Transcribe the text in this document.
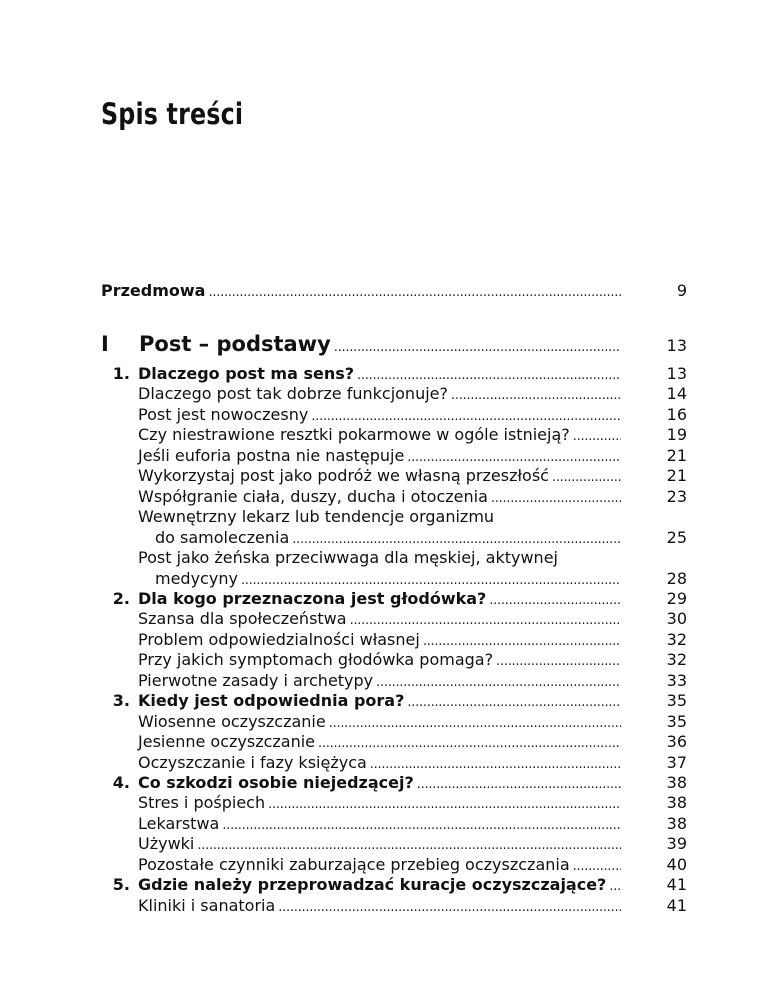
Spis treści
Przedmowa . . .	9
I Post – podstawy . . .	13
1. Dlaczego post ma sens? . . .	13
Dlaczego post tak dobrze funkcjonuje? . . .	14
Post jest nowoczesny . . .	16
Czy niestrawione resztki pokarmowe w ogóle istnieją? . . .	19
Jeśli euforia postna nie następuje . . .	21
Wykorzystaj post jako podróż we własną przeszłość . . .	21
Współgranie ciała, duszy, ducha i otoczenia . . .	23
Wewnętrzny lekarz lub tendencje organizmu
do samoleczenia . . .	25
Post jako żeńska przeciwwaga dla męskiej, aktywnej
medycyny . . .	28
2. Dla kogo przeznaczona jest głodówka? . . .	29
Szansa dla społeczeństwa . . .	30
Problem odpowiedzialności własnej . . .	32
Przy jakich symptomach głodówka pomaga? . . .	32
Pierwotne zasady i archetypy . . .	33
3. Kiedy jest odpowiednia pora? . . .	35
Wiosenne oczyszczanie . . .	35
Jesienne oczyszczanie . . .	36
Oczyszczanie i fazy księżyca . . .	37
4. Co szkodzi osobie niejedzącej? . . .	38
Stres i pośpiech . . .	38
Lekarstwa . . .	38
Używki . . .	39
Pozostałe czynniki zaburzające przebieg oczyszczania . . .	40
5. Gdzie należy przeprowadzać kuracje oczyszczające? . . .	41
Kliniki i sanatoria . . .	41
